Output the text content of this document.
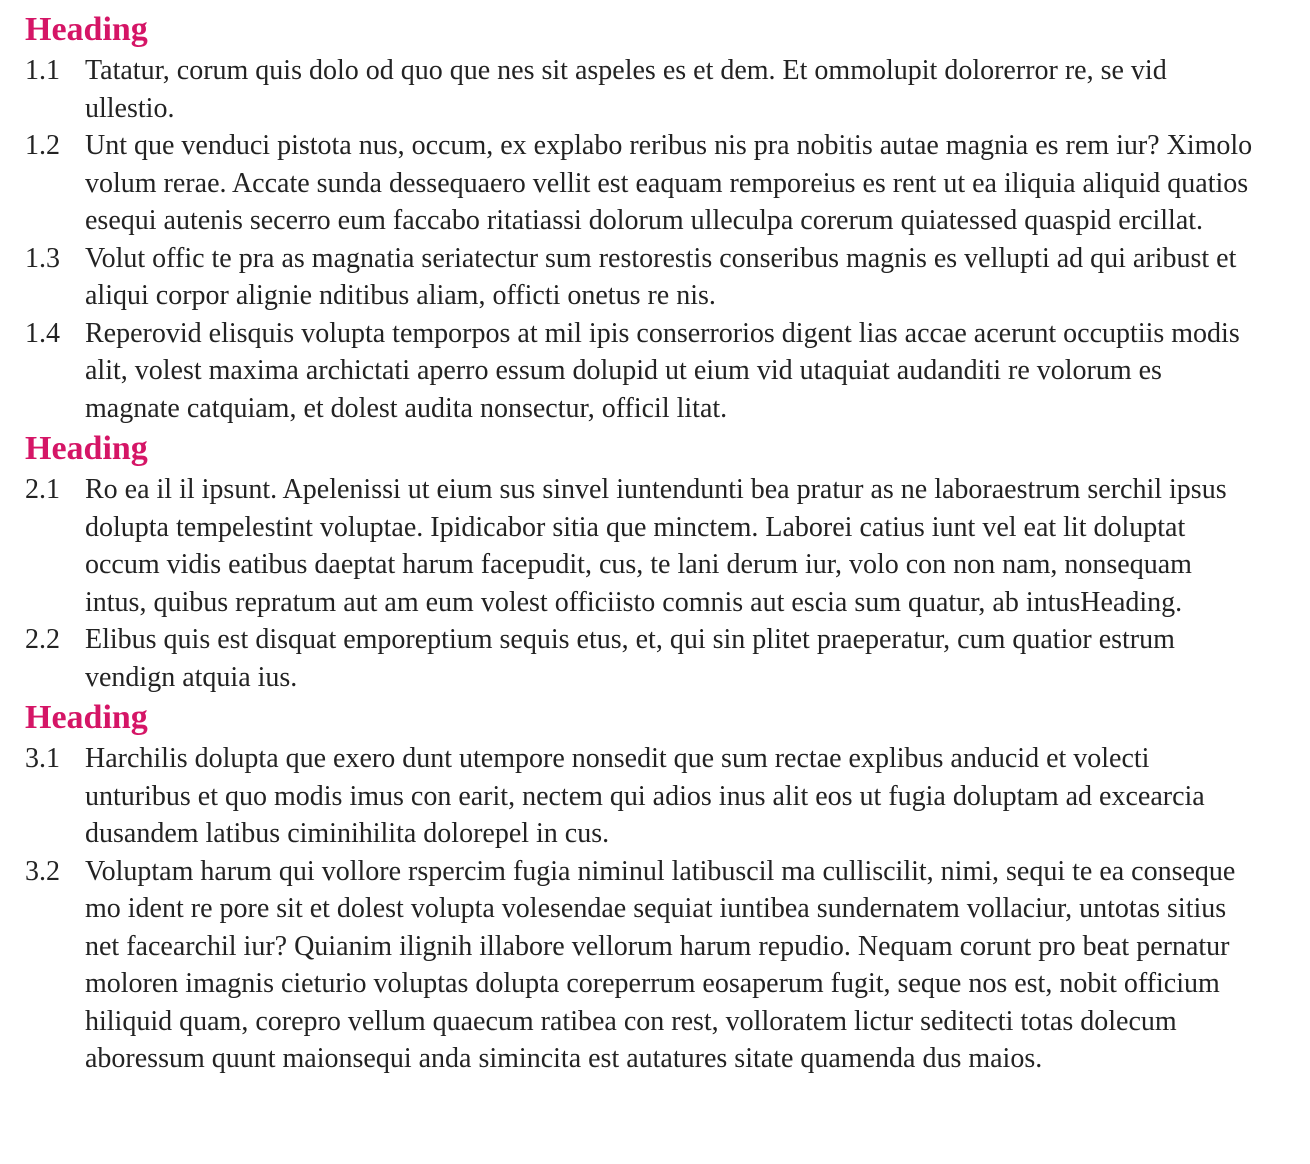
Heading
1.1 Tatatur, corum quis dolo od quo que nes sit aspeles es et dem. Et ommolupit dolorerror re, se vid ullestio.

1.2 Unt que venduci pistota nus, occum, ex explabo reribus nis pra nobitis autae magnia es rem iur? Ximolo volum rerae. Accate sunda dessequaero vellit est eaquam remporeius es rent ut ea iliquia aliquid quatios esequi autenis secerro eum faccabo ritatiassi dolorum ulleculpa corerum quiatessed quaspid ercillat.

1.3 Volut offic te pra as magnatia seriatectur sum restorestis conseribus magnis es vellupti ad qui aribust et aliqui corpor alignie nditibus aliam, officti onetus re nis.

1.4 Reperovid elisquis volupta temporpos at mil ipis conserrorios digent lias accae acerunt occuptiis modis alit, volest maxima archictati aperro essum dolupid ut eium vid utaquiat audanditi re volorum es magnate catquiam, et dolest audita nonsectur, officil litat.

Heading
2.1 Ro ea il il ipsunt. Apelenissi ut eium sus sinvel iuntendunti bea pratur as ne laboraestrum serchil ipsus dolupta tempelestint voluptae. Ipidicabor sitia que minctem. Laborei catius iunt vel eat lit doluptat occum vidis eatibus daeptat harum facepudit, cus, te lani derum iur, volo con non nam, nonsequam intus, quibus repratum aut am eum volest officiisto comnis aut escia sum quatur, ab intusHeading.

2.2 Elibus quis est disquat emporeptium sequis etus, et, qui sin plitet praeperatur, cum quatior estrum vendign atquia ius.

Heading
3.1 Harchilis dolupta que exero dunt utempore nonsedit que sum rectae explibus anducid et volecti unturibus et quo modis imus con earit, nectem qui adios inus alit eos ut fugia doluptam ad excearcia dusandem latibus ciminihilita dolorepel in cus.

3.2 Voluptam harum qui vollore rspercim fugia niminul latibuscil ma culliscilit, nimi, sequi te ea conseque mo ident re pore sit et dolest volupta volesendae sequiat iuntibea sundernatem vollaciur, untotas sitius net facearchil iur? Quianim ilignih illabore vellorum harum repudio. Nequam corunt pro beat pernatur moloren imagnis cieturio voluptas dolupta coreperrum eosaperum fugit, seque nos est, nobit officium hiliquid quam, corepro vellum quaecum ratibea con rest, volloratem lictur seditecti totas dolecum aboressum quunt maionsequi anda simincita est autatures sitate quamenda dus maios.
